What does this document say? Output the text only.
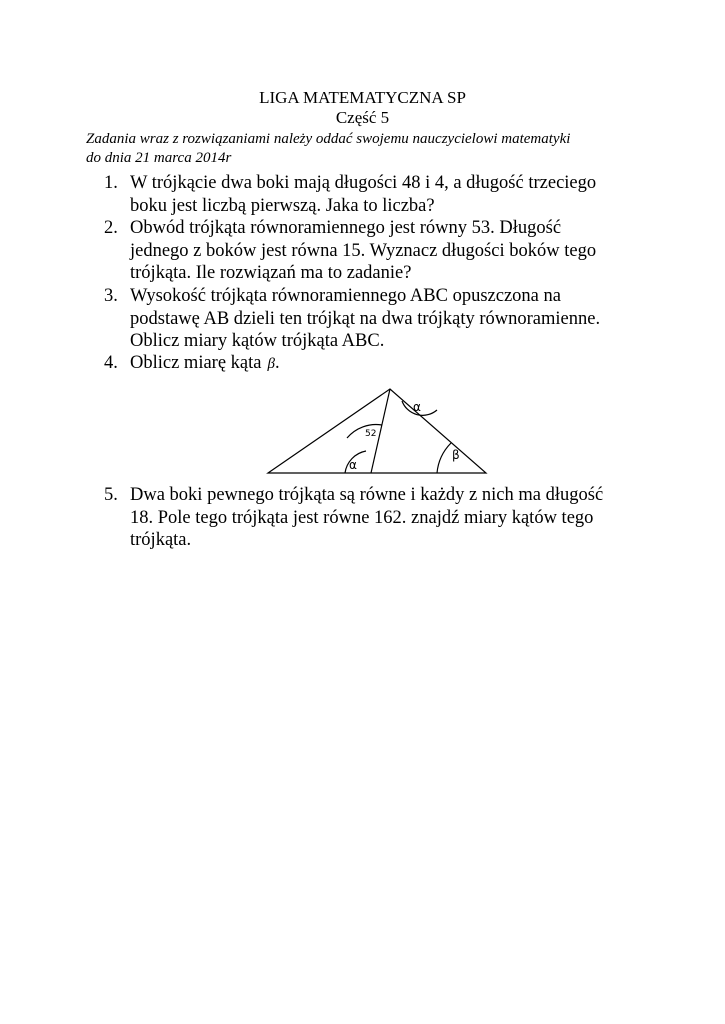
LIGA MATEMATYCZNA SP
Część 5
Zadania wraz z rozwiązaniami należy oddać swojemu nauczycielowi matematyki
do dnia 21 marca 2014r
1. W trójkącie dwa boki mają długości 48 i 4, a długość trzeciego
boku jest liczbą pierwszą. Jaka to liczba?
2. Obwód trójkąta równoramiennego jest równy 53. Długość
jednego z boków jest równa 15. Wyznacz długości boków tego
trójkąta. Ile rozwiązań ma to zadanie?
3. Wysokość trójkąta równoramiennego ABC opuszczona na
podstawę AB dzieli ten trójkąt na dwa trójkąty równoramienne.
Oblicz miary kątów trójkąta ABC.
4. Oblicz miarę kąta β.
α
α
52
β
5. Dwa boki pewnego trójkąta są równe i każdy z nich ma długość
18. Pole tego trójkąta jest równe 162. znajdź miary kątów tego
trójkąta.
